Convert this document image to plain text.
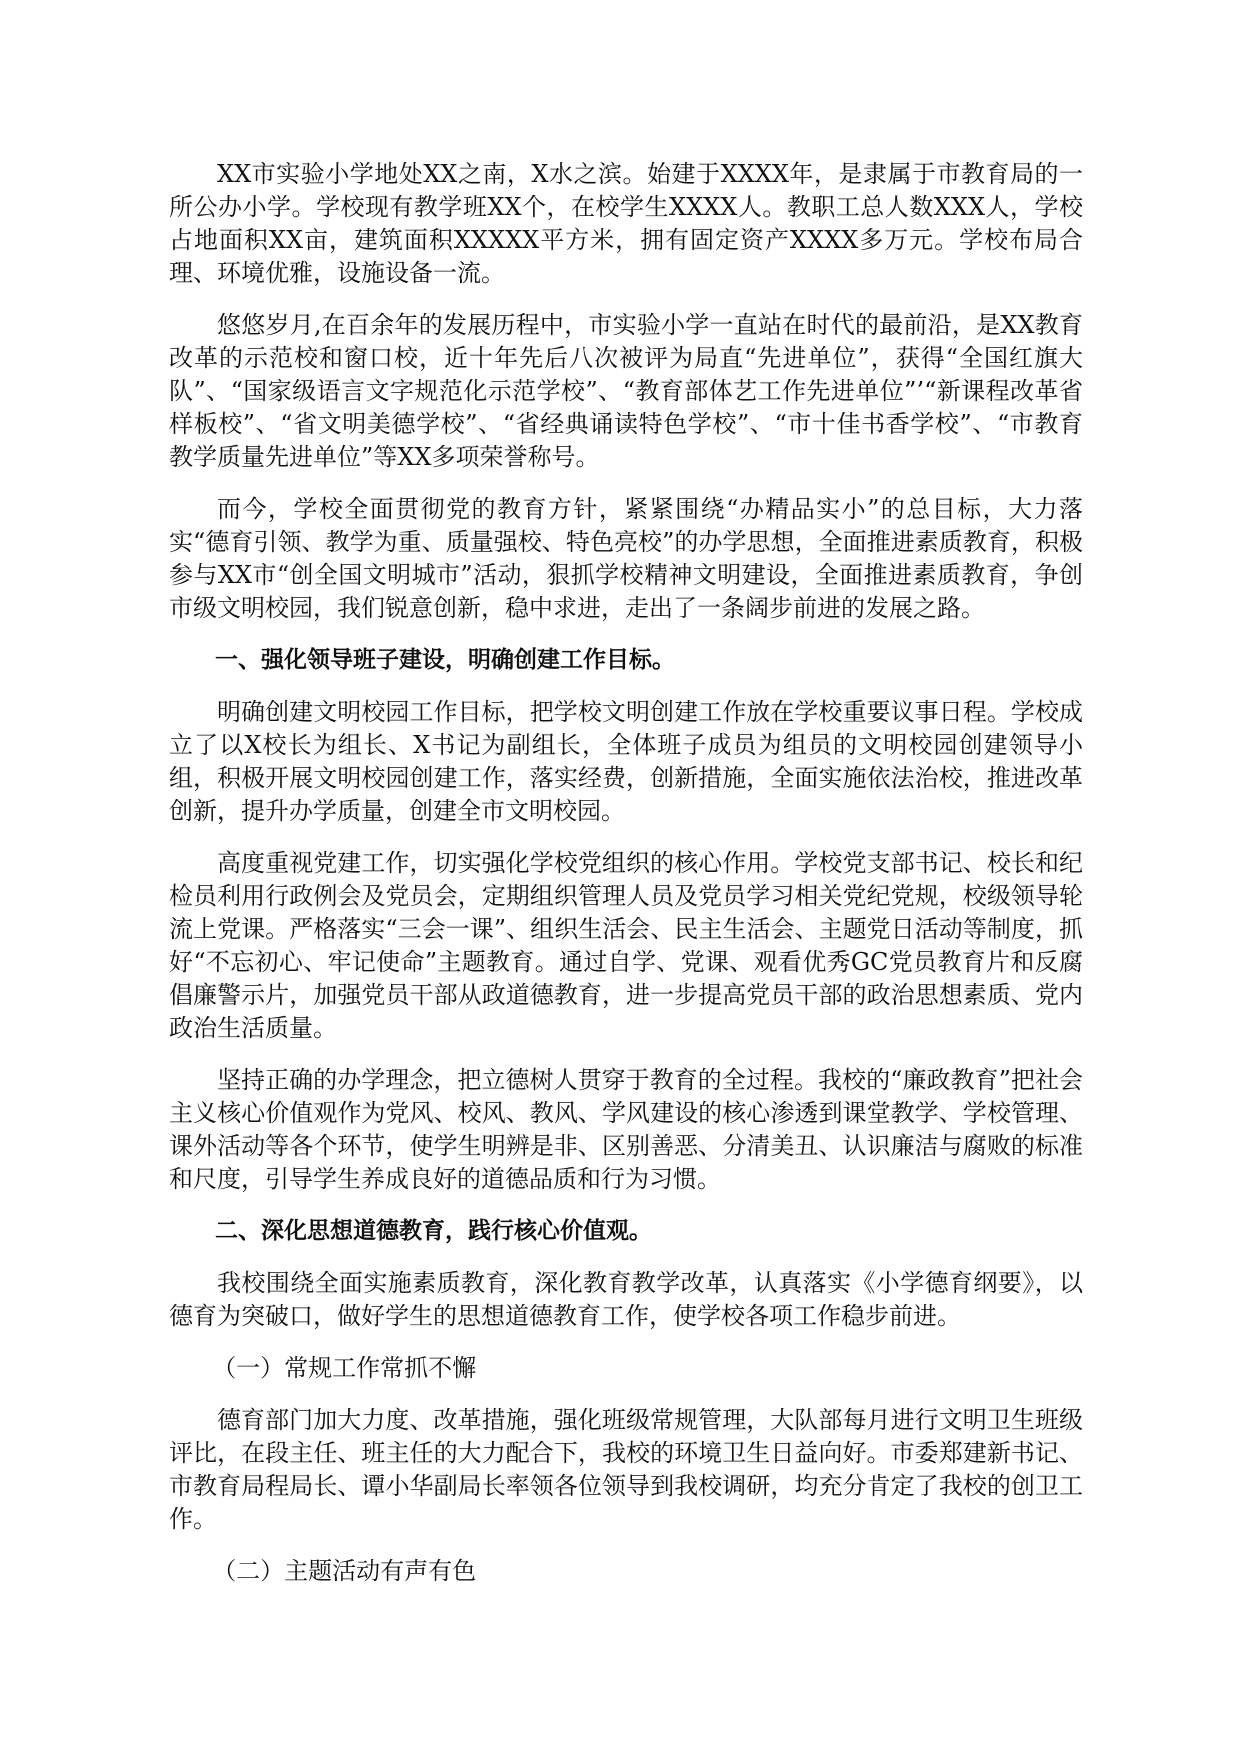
XX市实验小学地处XX之南，X水之滨。始建于XXXX年，是隶属于市教育局的一所公办小学。学校现有教学班XX个，在校学生XXXX人。教职工总人数XXX人，学校占地面积XX亩，建筑面积XXXXX平方米，拥有固定资产XXXX多万元。学校布局合理、环境优雅，设施设备一流。

悠悠岁月,在百余年的发展历程中，市实验小学一直站在时代的最前沿，是XX教育改革的示范校和窗口校，近十年先后八次被评为局直“先进单位”，获得“全国红旗大队”、“国家级语言文字规范化示范学校”、“教育部体艺工作先进单位”’“新课程改革省样板校”、“省文明美德学校”、“省经典诵读特色学校”、“市十佳书香学校”、“市教育教学质量先进单位”等XX多项荣誉称号。

而今，学校全面贯彻党的教育方针，紧紧围绕“办精品实小”的总目标，大力落实“德育引领、教学为重、质量强校、特色亮校”的办学思想，全面推进素质教育，积极参与XX市“创全国文明城市”活动，狠抓学校精神文明建设，全面推进素质教育，争创市级文明校园，我们锐意创新，稳中求进，走出了一条阔步前进的发展之路。

一、强化领导班子建设，明确创建工作目标。

明确创建文明校园工作目标，把学校文明创建工作放在学校重要议事日程。学校成立了以X校长为组长、X书记为副组长，全体班子成员为组员的文明校园创建领导小组，积极开展文明校园创建工作，落实经费，创新措施，全面实施依法治校，推进改革创新，提升办学质量，创建全市文明校园。

高度重视党建工作，切实强化学校党组织的核心作用。学校党支部书记、校长和纪检员利用行政例会及党员会，定期组织管理人员及党员学习相关党纪党规，校级领导轮流上党课。严格落实“三会一课”、组织生活会、民主生活会、主题党日活动等制度，抓好“不忘初心、牢记使命”主题教育。通过自学、党课、观看优秀GC党员教育片和反腐倡廉警示片，加强党员干部从政道德教育，进一步提高党员干部的政治思想素质、党内政治生活质量。

坚持正确的办学理念，把立德树人贯穿于教育的全过程。我校的“廉政教育”把社会主义核心价值观作为党风、校风、教风、学风建设的核心渗透到课堂教学、学校管理、课外活动等各个环节，使学生明辨是非、区别善恶、分清美丑、认识廉洁与腐败的标准和尺度，引导学生养成良好的道德品质和行为习惯。

二、深化思想道德教育，践行核心价值观。

我校围绕全面实施素质教育，深化教育教学改革，认真落实《小学德育纲要》，以德育为突破口，做好学生的思想道德教育工作，使学校各项工作稳步前进。

（一）常规工作常抓不懈

德育部门加大力度、改革措施，强化班级常规管理，大队部每月进行文明卫生班级评比，在段主任、班主任的大力配合下，我校的环境卫生日益向好。市委郑建新书记、市教育局程局长、谭小华副局长率领各位领导到我校调研，均充分肯定了我校的创卫工作。

（二）主题活动有声有色
